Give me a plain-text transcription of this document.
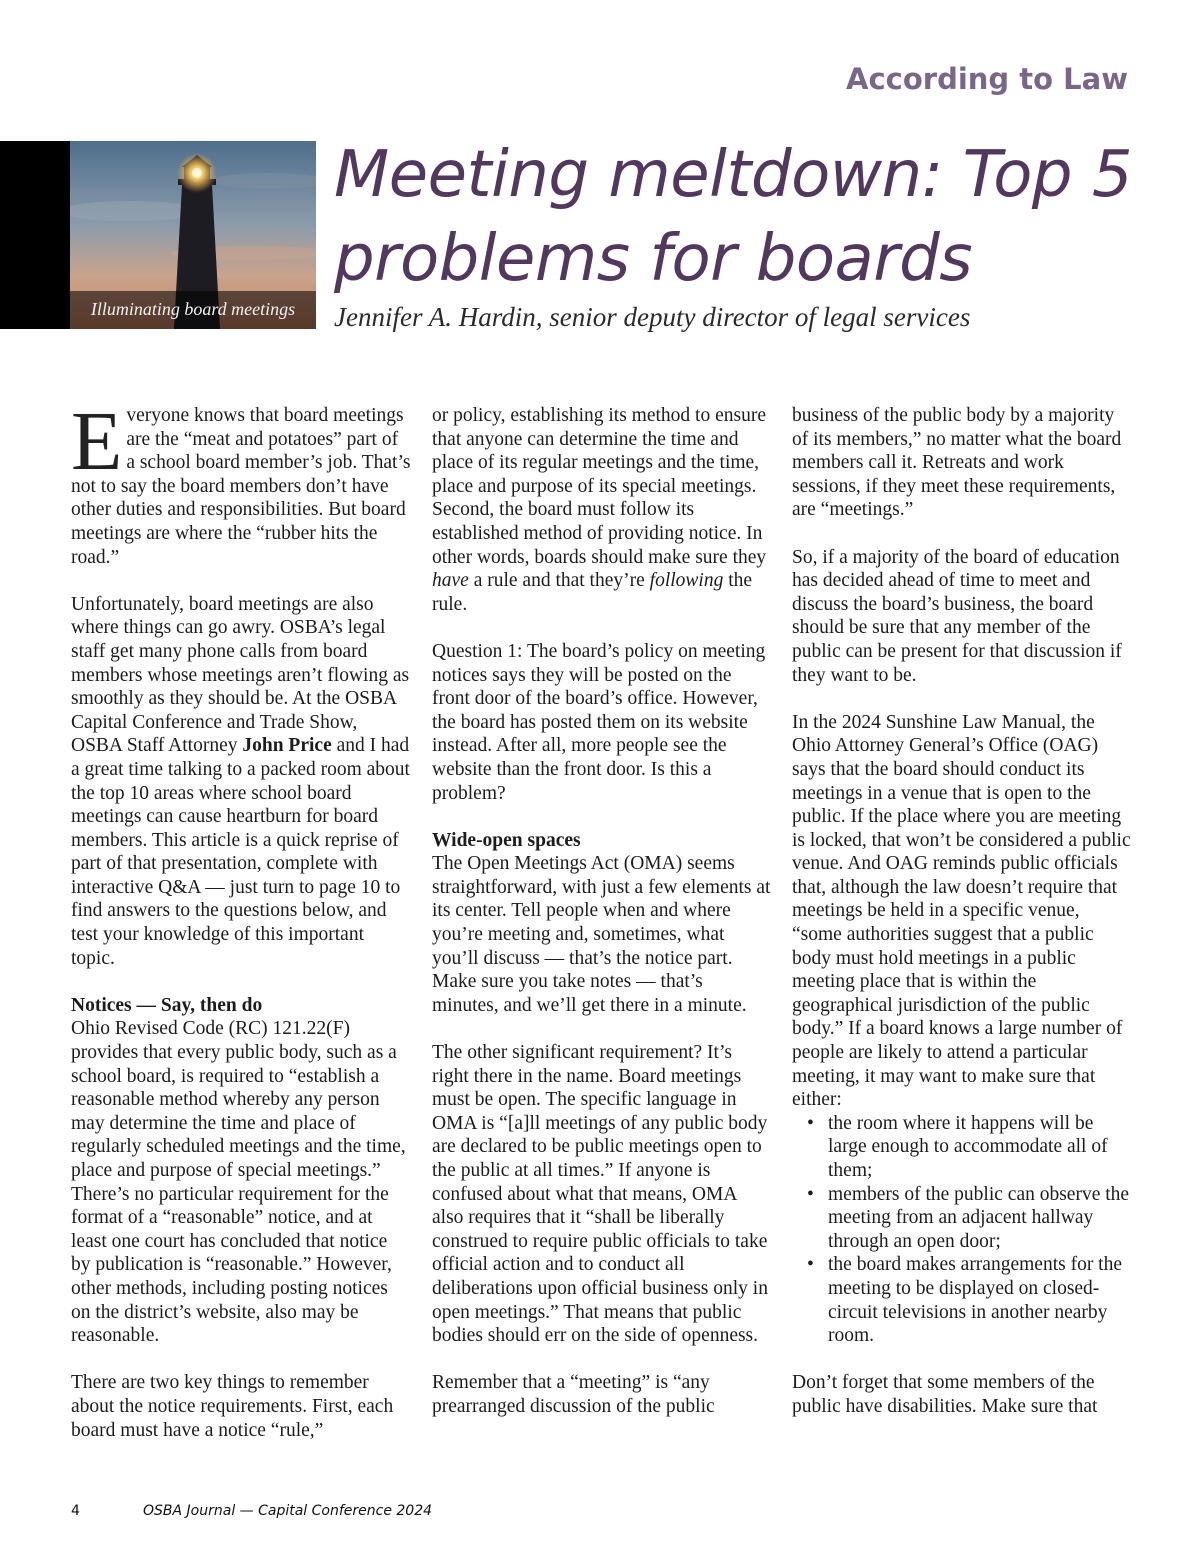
According to Law
Illuminating board meetings
Meeting meltdown: Top 5 problems for boards
Jennifer A. Hardin, senior deputy director of legal services

Everyone knows that board meetings are the “meat and potatoes” part of a school board member’s job. That’s not to say the board members don’t have other duties and responsibilities. But board meetings are where the “rubber hits the road.”

Unfortunately, board meetings are also where things can go awry. OSBA’s legal staff get many phone calls from board members whose meetings aren’t flowing as smoothly as they should be. At the OSBA Capital Conference and Trade Show, OSBA Staff Attorney John Price and I had a great time talking to a packed room about the top 10 areas where school board meetings can cause heartburn for board members. This article is a quick reprise of part of that presentation, complete with interactive Q&A — just turn to page 10 to find answers to the questions below, and test your knowledge of this important topic.

Notices — Say, then do
Ohio Revised Code (RC) 121.22(F) provides that every public body, such as a school board, is required to “establish a reasonable method whereby any person may determine the time and place of regularly scheduled meetings and the time, place and purpose of special meetings.” There’s no particular requirement for the format of a “reasonable” notice, and at least one court has concluded that notice by publication is “reasonable.” However, other methods, including posting notices on the district’s website, also may be reasonable.

There are two key things to remember about the notice requirements. First, each board must have a notice “rule,”

or policy, establishing its method to ensure that anyone can determine the time and place of its regular meetings and the time, place and purpose of its special meetings. Second, the board must follow its established method of providing notice. In other words, boards should make sure they have a rule and that they’re following the rule.

Question 1: The board’s policy on meeting notices says they will be posted on the front door of the board’s office. However, the board has posted them on its website instead. After all, more people see the website than the front door. Is this a problem?

Wide-open spaces
The Open Meetings Act (OMA) seems straightforward, with just a few elements at its center. Tell people when and where you’re meeting and, sometimes, what you’ll discuss — that’s the notice part. Make sure you take notes — that’s minutes, and we’ll get there in a minute.

The other significant requirement? It’s right there in the name. Board meetings must be open. The specific language in OMA is “[a]ll meetings of any public body are declared to be public meetings open to the public at all times.” If anyone is confused about what that means, OMA also requires that it “shall be liberally construed to require public officials to take official action and to conduct all deliberations upon official business only in open meetings.” That means that public bodies should err on the side of openness.

Remember that a “meeting” is “any prearranged discussion of the public

business of the public body by a majority of its members,” no matter what the board members call it. Retreats and work sessions, if they meet these requirements, are “meetings.”

So, if a majority of the board of education has decided ahead of time to meet and discuss the board’s business, the board should be sure that any member of the public can be present for that discussion if they want to be.

In the 2024 Sunshine Law Manual, the Ohio Attorney General’s Office (OAG) says that the board should conduct its meetings in a venue that is open to the public. If the place where you are meeting is locked, that won’t be considered a public venue. And OAG reminds public officials that, although the law doesn’t require that meetings be held in a specific venue, “some authorities suggest that a public body must hold meetings in a public meeting place that is within the geographical jurisdiction of the public body.” If a board knows a large number of people are likely to attend a particular meeting, it may want to make sure that either:

• the room where it happens will be large enough to accommodate all of them;
• members of the public can observe the meeting from an adjacent hallway through an open door;
• the board makes arrangements for the meeting to be displayed on closed-circuit televisions in another nearby room.

Don’t forget that some members of the public have disabilities. Make sure that

4	OSBA Journal — Capital Conference 2024
